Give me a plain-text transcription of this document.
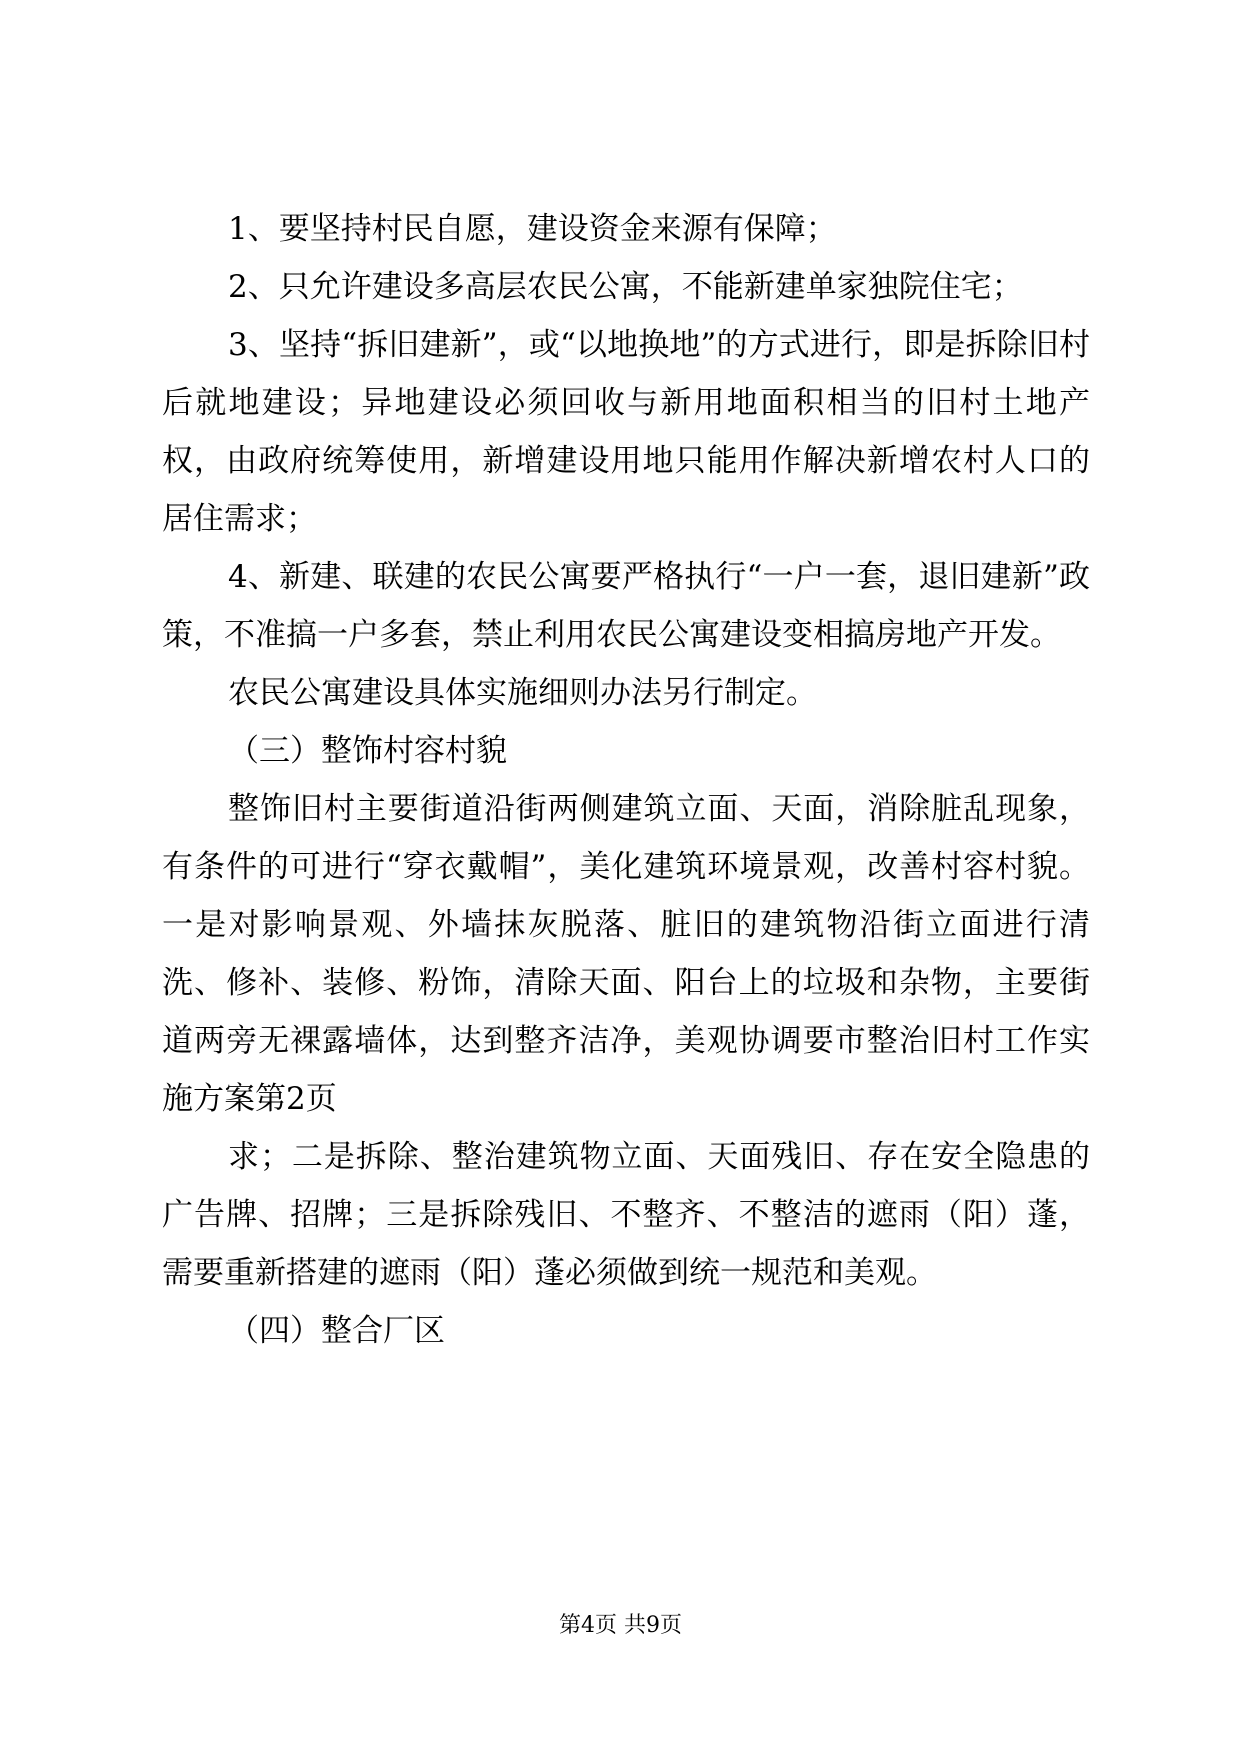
1、要坚持村民自愿，建设资金来源有保障；

2、只允许建设多高层农民公寓，不能新建单家独院住宅；

3、坚持“拆旧建新”，或“以地换地”的方式进行，即是拆除旧村后就地建设；异地建设必须回收与新用地面积相当的旧村土地产权，由政府统筹使用，新增建设用地只能用作解决新增农村人口的居住需求；

4、新建、联建的农民公寓要严格执行“一户一套，退旧建新”政策，不准搞一户多套，禁止利用农民公寓建设变相搞房地产开发。

农民公寓建设具体实施细则办法另行制定。

（三）整饰村容村貌

整饰旧村主要街道沿街两侧建筑立面、天面，消除脏乱现象，有条件的可进行“穿衣戴帽”，美化建筑环境景观，改善村容村貌。一是对影响景观、外墙抹灰脱落、脏旧的建筑物沿街立面进行清洗、修补、装修、粉饰，清除天面、阳台上的垃圾和杂物，主要街道两旁无裸露墙体，达到整齐洁净，美观协调要市整治旧村工作实施方案第2页

求；二是拆除、整治建筑物立面、天面残旧、存在安全隐患的广告牌、招牌；三是拆除残旧、不整齐、不整洁的遮雨（阳）蓬，需要重新搭建的遮雨（阳）蓬必须做到统一规范和美观。

（四）整合厂区

第4页 共9页
